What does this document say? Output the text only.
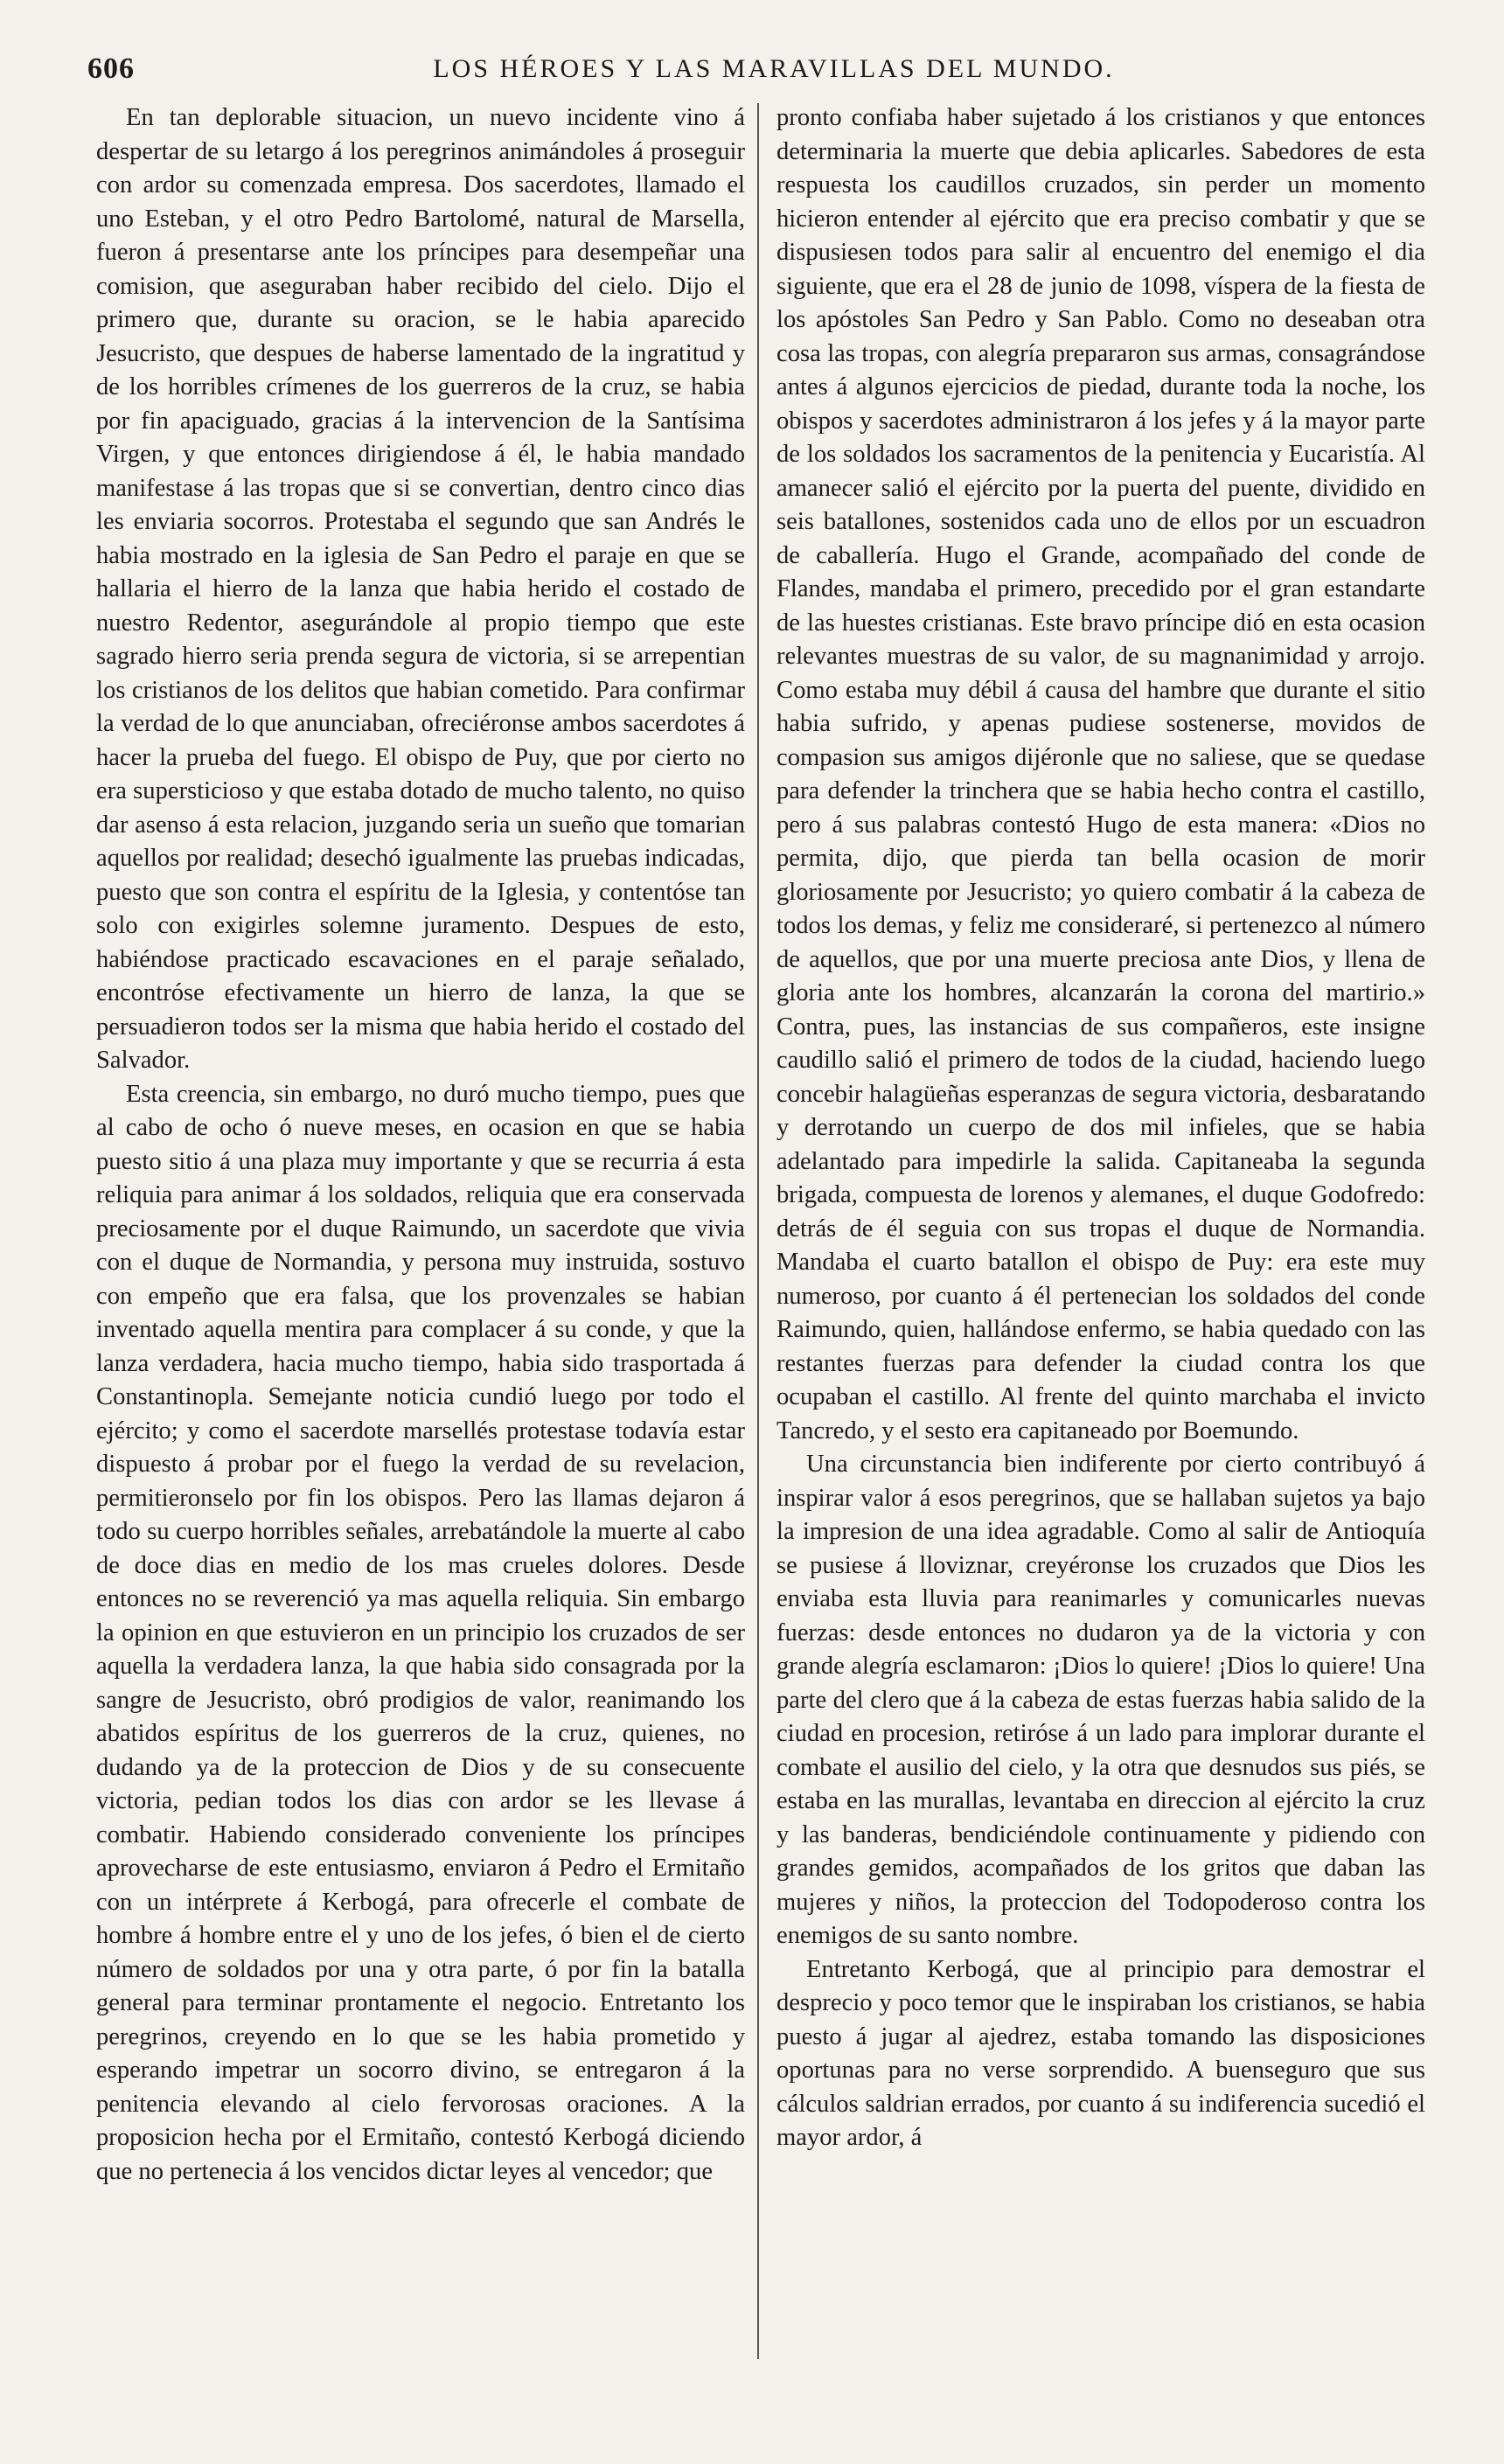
606	LOS HÉROES Y LAS MARAVILLAS DEL MUNDO.

En tan deplorable situacion, un nuevo incidente vino á despertar de su letargo á los peregrinos animándoles á proseguir con ardor su comenzada empresa. Dos sacerdotes, llamado el uno Esteban, y el otro Pedro Bartolomé, natural de Marsella, fueron á presentarse ante los príncipes para desempeñar una comision, que aseguraban haber recibido del cielo. Dijo el primero que, durante su oracion, se le habia aparecido Jesucristo, que despues de haberse lamentado de la ingratitud y de los horribles crímenes de los guerreros de la cruz, se habia por fin apaciguado, gracias á la intervencion de la Santísima Virgen, y que entonces dirigiendose á él, le habia mandado manifestase á las tropas que si se convertian, dentro cinco dias les enviaria socorros. Protestaba el segundo que san Andrés le habia mostrado en la iglesia de San Pedro el paraje en que se hallaria el hierro de la lanza que habia herido el costado de nuestro Redentor, asegurándole al propio tiempo que este sagrado hierro seria prenda segura de victoria, si se arrepentian los cristianos de los delitos que habian cometido. Para confirmar la verdad de lo que anunciaban, ofreciéronse ambos sacerdotes á hacer la prueba del fuego. El obispo de Puy, que por cierto no era supersticioso y que estaba dotado de mucho talento, no quiso dar asenso á esta relacion, juzgando seria un sueño que tomarian aquellos por realidad; desechó igualmente las pruebas indicadas, puesto que son contra el espíritu de la Iglesia, y contentóse tan solo con exigirles solemne juramento. Despues de esto, habiéndose practicado escavaciones en el paraje señalado, encontróse efectivamente un hierro de lanza, la que se persuadieron todos ser la misma que habia herido el costado del Salvador.

Esta creencia, sin embargo, no duró mucho tiempo, pues que al cabo de ocho ó nueve meses, en ocasion en que se habia puesto sitio á una plaza muy importante y que se recurria á esta reliquia para animar á los soldados, reliquia que era conservada preciosamente por el duque Raimundo, un sacerdote que vivia con el duque de Normandia, y persona muy instruida, sostuvo con empeño que era falsa, que los provenzales se habian inventado aquella mentira para complacer á su conde, y que la lanza verdadera, hacia mucho tiempo, habia sido trasportada á Constantinopla. Semejante noticia cundió luego por todo el ejército; y como el sacerdote marsellés protestase todavía estar dispuesto á probar por el fuego la verdad de su revelacion, permitieronselo por fin los obispos. Pero las llamas dejaron á todo su cuerpo horribles señales, arrebatándole la muerte al cabo de doce dias en medio de los mas crueles dolores. Desde entonces no se reverenció ya mas aquella reliquia. Sin embargo la opinion en que estuvieron en un principio los cruzados de ser aquella la verdadera lanza, la que habia sido consagrada por la sangre de Jesucristo, obró prodigios de valor, reanimando los abatidos espíritus de los guerreros de la cruz, quienes, no dudando ya de la proteccion de Dios y de su consecuente victoria, pedian todos los dias con ardor se les llevase á combatir. Habiendo considerado conveniente los príncipes aprovecharse de este entusiasmo, enviaron á Pedro el Ermitaño con un intérprete á Kerbogá, para ofrecerle el combate de hombre á hombre entre el y uno de los jefes, ó bien el de cierto número de soldados por una y otra parte, ó por fin la batalla general para terminar prontamente el negocio. Entretanto los peregrinos, creyendo en lo que se les habia prometido y esperando impetrar un socorro divino, se entregaron á la penitencia elevando al cielo fervorosas oraciones. A la proposicion hecha por el Ermitaño, contestó Kerbogá diciendo que no pertenecia á los vencidos dictar leyes al vencedor; que

pronto confiaba haber sujetado á los cristianos y que entonces determinaria la muerte que debia aplicarles. Sabedores de esta respuesta los caudillos cruzados, sin perder un momento hicieron entender al ejército que era preciso combatir y que se dispusiesen todos para salir al encuentro del enemigo el dia siguiente, que era el 28 de junio de 1098, víspera de la fiesta de los apóstoles San Pedro y San Pablo. Como no deseaban otra cosa las tropas, con alegría prepararon sus armas, consagrándose antes á algunos ejercicios de piedad, durante toda la noche, los obispos y sacerdotes administraron á los jefes y á la mayor parte de los soldados los sacramentos de la penitencia y Eucaristía. Al amanecer salió el ejército por la puerta del puente, dividido en seis batallones, sostenidos cada uno de ellos por un escuadron de caballería. Hugo el Grande, acompañado del conde de Flandes, mandaba el primero, precedido por el gran estandarte de las huestes cristianas. Este bravo príncipe dió en esta ocasion relevantes muestras de su valor, de su magnanimidad y arrojo. Como estaba muy débil á causa del hambre que durante el sitio habia sufrido, y apenas pudiese sostenerse, movidos de compasion sus amigos dijéronle que no saliese, que se quedase para defender la trinchera que se habia hecho contra el castillo, pero á sus palabras contestó Hugo de esta manera: «Dios no permita, dijo, que pierda tan bella ocasion de morir gloriosamente por Jesucristo; yo quiero combatir á la cabeza de todos los demas, y feliz me consideraré, si pertenezco al número de aquellos, que por una muerte preciosa ante Dios, y llena de gloria ante los hombres, alcanzarán la corona del martirio.» Contra, pues, las instancias de sus compañeros, este insigne caudillo salió el primero de todos de la ciudad, haciendo luego concebir halagüeñas esperanzas de segura victoria, desbaratando y derrotando un cuerpo de dos mil infieles, que se habia adelantado para impedirle la salida. Capitaneaba la segunda brigada, compuesta de lorenos y alemanes, el duque Godofredo: detrás de él seguia con sus tropas el duque de Normandia. Mandaba el cuarto batallon el obispo de Puy: era este muy numeroso, por cuanto á él pertenecian los soldados del conde Raimundo, quien, hallándose enfermo, se habia quedado con las restantes fuerzas para defender la ciudad contra los que ocupaban el castillo. Al frente del quinto marchaba el invicto Tancredo, y el sesto era capitaneado por Boemundo.

Una circunstancia bien indiferente por cierto contribuyó á inspirar valor á esos peregrinos, que se hallaban sujetos ya bajo la impresion de una idea agradable. Como al salir de Antioquía se pusiese á lloviznar, creyéronse los cruzados que Dios les enviaba esta lluvia para reanimarles y comunicarles nuevas fuerzas: desde entonces no dudaron ya de la victoria y con grande alegría esclamaron: ¡Dios lo quiere! ¡Dios lo quiere! Una parte del clero que á la cabeza de estas fuerzas habia salido de la ciudad en procesion, retiróse á un lado para implorar durante el combate el ausilio del cielo, y la otra que desnudos sus piés, se estaba en las murallas, levantaba en direccion al ejército la cruz y las banderas, bendiciéndole continuamente y pidiendo con grandes gemidos, acompañados de los gritos que daban las mujeres y niños, la proteccion del Todopoderoso contra los enemigos de su santo nombre.

Entretanto Kerbogá, que al principio para demostrar el desprecio y poco temor que le inspiraban los cristianos, se habia puesto á jugar al ajedrez, estaba tomando las disposiciones oportunas para no verse sorprendido. A buenseguro que sus cálculos saldrian errados, por cuanto á su indiferencia sucedió el mayor ardor, á
